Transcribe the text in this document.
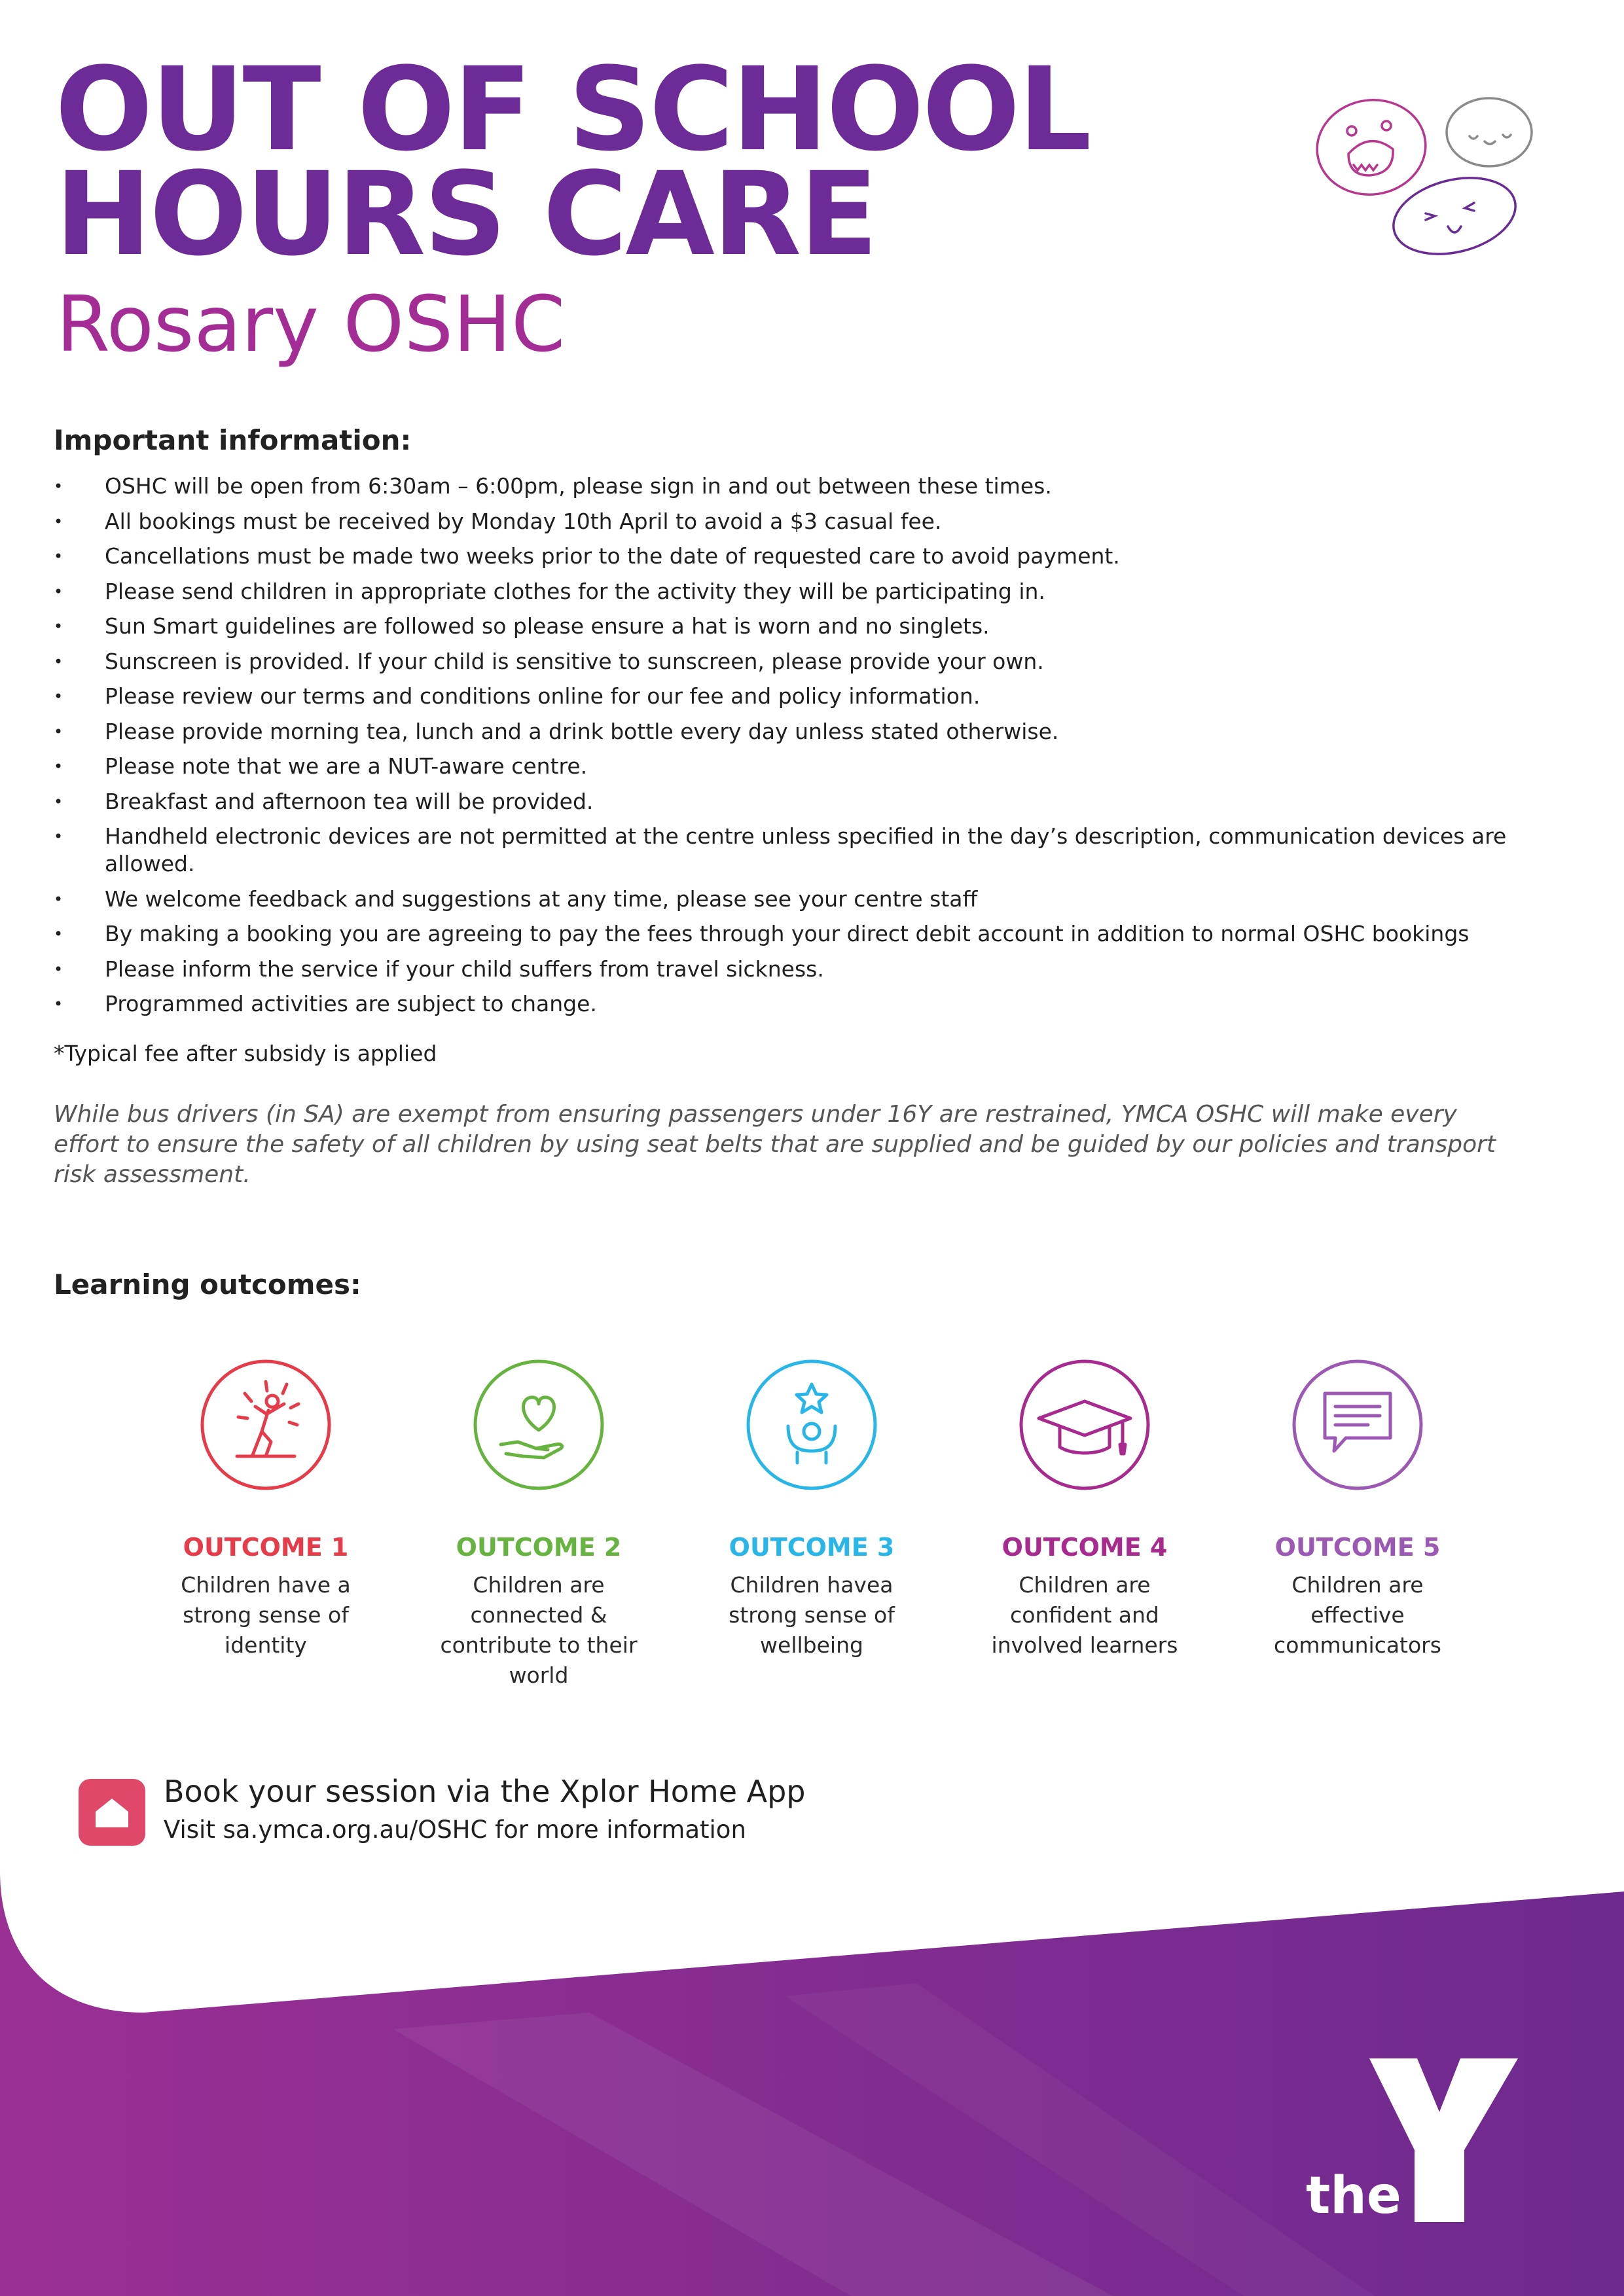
OUT OF SCHOOL
HOURS CARE
Rosary OSHC
Important information:
• OSHC will be open from 6:30am – 6:00pm, please sign in and out between these times.
• All bookings must be received by Monday 10th April to avoid a $3 casual fee.
• Cancellations must be made two weeks prior to the date of requested care to avoid payment.
• Please send children in appropriate clothes for the activity they will be participating in.
• Sun Smart guidelines are followed so please ensure a hat is worn and no singlets.
• Sunscreen is provided. If your child is sensitive to sunscreen, please provide your own.
• Please review our terms and conditions online for our fee and policy information.
• Please provide morning tea, lunch and a drink bottle every day unless stated otherwise.
• Please note that we are a NUT-aware centre.
• Breakfast and afternoon tea will be provided.
• Handheld electronic devices are not permitted at the centre unless specified in the day’s description, communication devices are allowed.
• We welcome feedback and suggestions at any time, please see your centre staff
• By making a booking you are agreeing to pay the fees through your direct debit account in addition to normal OSHC bookings
• Please inform the service if your child suffers from travel sickness.
• Programmed activities are subject to change.
*Typical fee after subsidy is applied
While bus drivers (in SA) are exempt from ensuring passengers under 16Y are restrained, YMCA OSHC will make every effort to ensure the safety of all children by using seat belts that are supplied and be guided by our policies and transport risk assessment.
Learning outcomes:
OUTCOME 1
Children have a strong sense of identity
OUTCOME 2
Children are connected & contribute to their world
OUTCOME 3
Children havea strong sense of wellbeing
OUTCOME 4
Children are confident and involved learners
OUTCOME 5
Children are effective communicators
Book your session via the Xplor Home App
Visit sa.ymca.org.au/OSHC for more information
the
